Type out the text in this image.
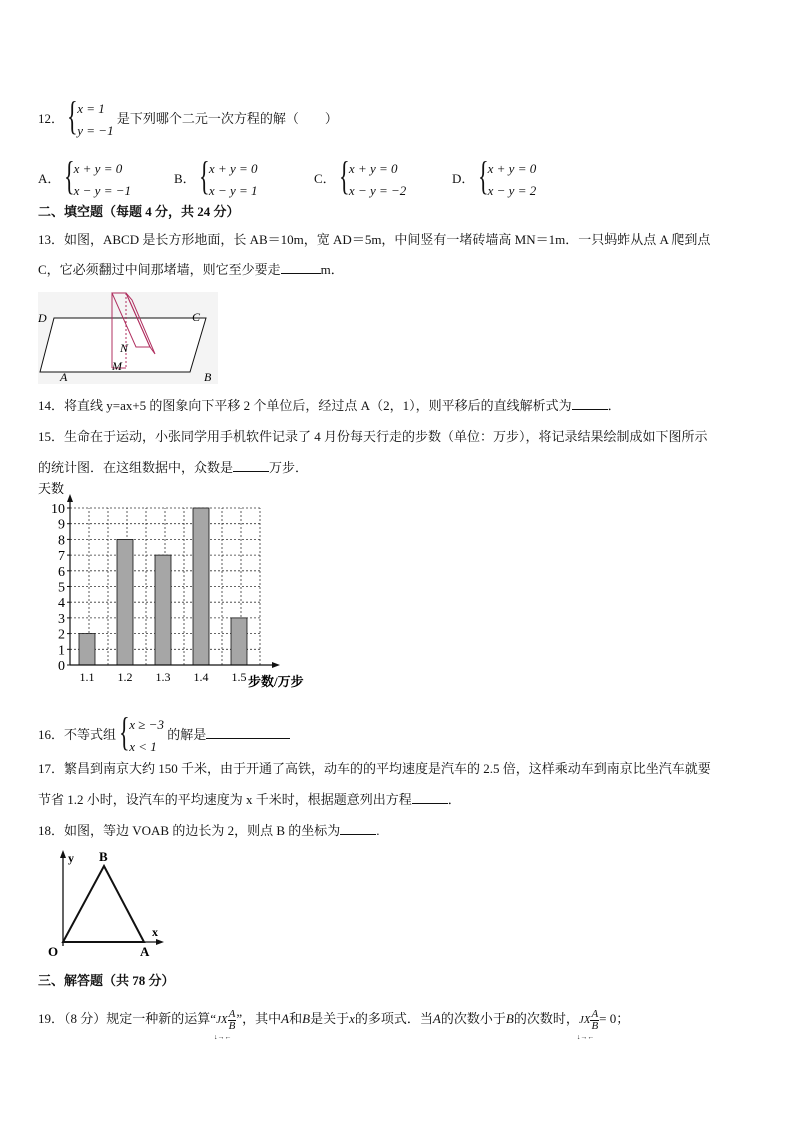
12． { x = 1
y = −1
是下列哪个二元一次方程的解（　　）
A． { x + y = 0
x − y = −1
B． { x + y = 0
x − y = 1
C． { x + y = 0
x − y = −2
D． { x + y = 0
x − y = 2
二、填空题（每题 4 分，共 24 分）
13．如图，ABCD 是长方形地面，长 AB＝10m，宽 AD＝5m，中间竖有一堵砖墙高 MN＝1m．一只蚂蚱从点 A 爬到点
C，它必须翻过中间那堵墙，则它至少要走	m．
D	C
A	B
N
M
14．将直线 y=ax+5 的图象向下平移 2 个单位后，经过点 A（2，1），则平移后的直线解析式为	．
15．生命在于运动，小张同学用手机软件记录了 4 月份每天行走的步数（单位：万步），将记录结果绘制成如下图所示
的统计图．在这组数据中，众数是	万步．
0
1
2
3
4
5
6
7
8
9
10
1.1 1.2 1.3 1.4 1.5
天数
步数/万步
16．不等式组 { x ≥ −3
x < 1
的解是
17．繁昌到南京大约 150 千米，由于开通了高铁，动车的的平均速度是汽车的 2.5 倍，这样乘动车到南京比坐汽车就要
节省 1.2 小时，设汽车的平均速度为 x 千米时，根据题意列出方程	．
18．如图，等边 VOAB 的边长为 2，则点 B 的坐标为	.
y
x
B
O	A
三、解答题（共 78 分）
19．（8 分）规定一种新的运算“JX
↓→←
$\frac{A}{B}$ ”，其中A和B是关于x的多项式．当A的次数小于B的次数时，JX
↓→←
$\frac{A}{B} = 0$；
